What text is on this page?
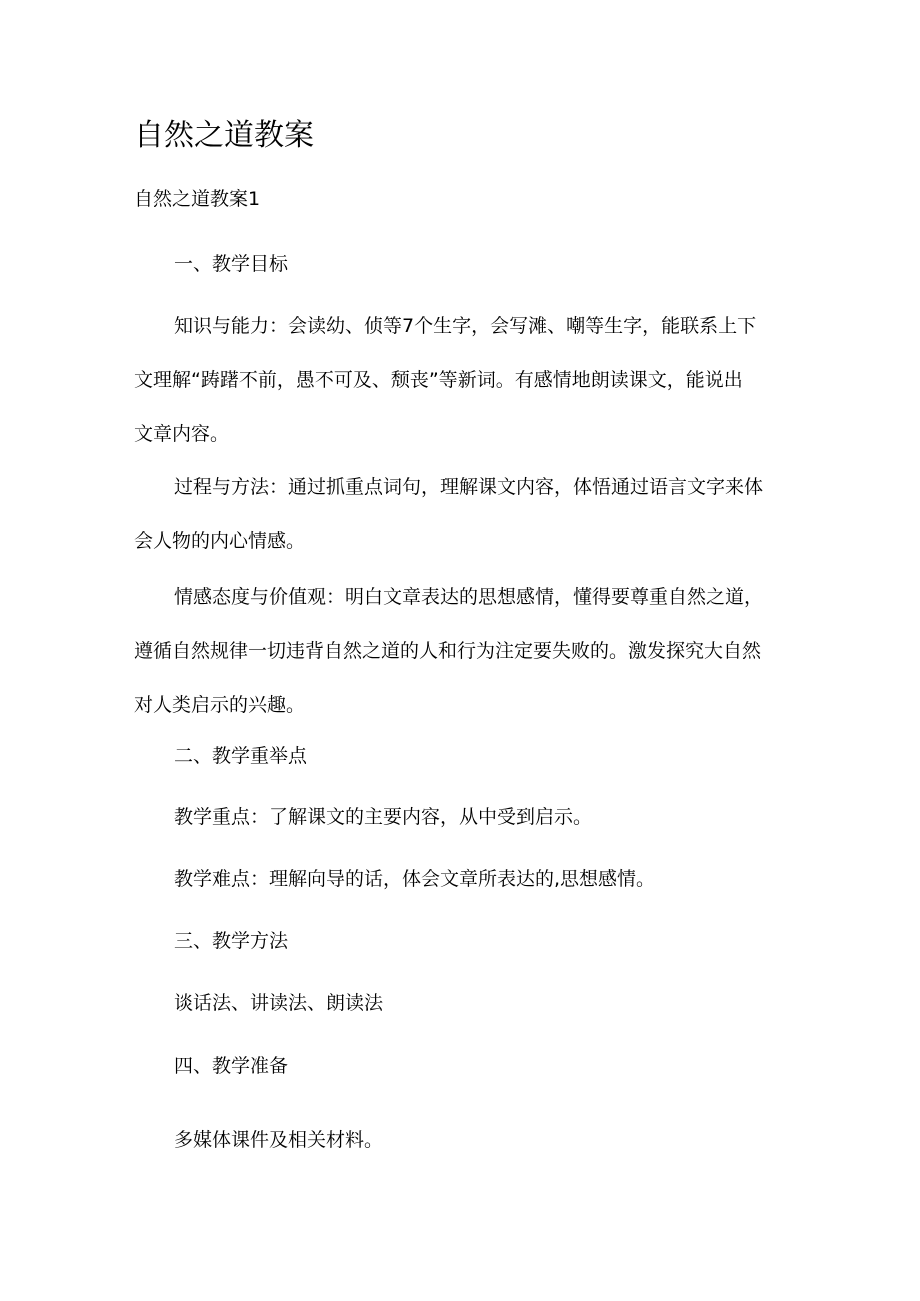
自然之道教案

自然之道教案1

一、教学目标

知识与能力：会读幼、侦等7个生字，会写滩、嘲等生字，能联系上下
文理解“踌躇不前，愚不可及、颓丧”等新词。有感情地朗读课文，能说出
文章内容。
过程与方法：通过抓重点词句，理解课文内容，体悟通过语言文字来体
会人物的内心情感。
情感态度与价值观：明白文章表达的思想感情，懂得要尊重自然之道，
遵循自然规律一切违背自然之道的人和行为注定要失败的。激发探究大自然
对人类启示的兴趣。

二、教学重举点

教学重点：了解课文的主要内容，从中受到启示。

教学难点：理解向导的话，体会文章所表达的,思想感情。

三、教学方法

谈话法、讲读法、朗读法

四、教学准备

多媒体课件及相关材料。
